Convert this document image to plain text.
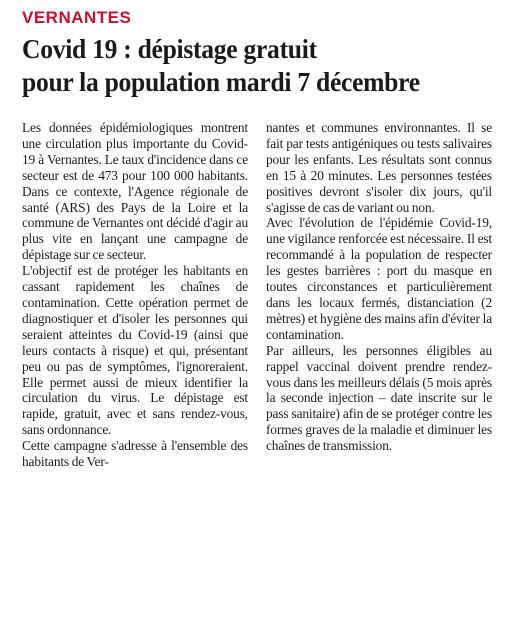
VERNANTES
Covid 19 : dépistage gratuit
pour la population mardi 7 décembre

Les données épidémiologiques montrent une circulation plus importante du Covid-19 à Vernantes. Le taux d'incidence dans ce secteur est de 473 pour 100 000 habitants. Dans ce contexte, l'Agence régionale de santé (ARS) des Pays de la Loire et la commune de Vernantes ont décidé d'agir au plus vite en lançant une campagne de dépistage sur ce secteur.

L'objectif est de protéger les habitants en cassant rapidement les chaînes de contamination. Cette opération permet de diagnostiquer et d'isoler les personnes qui seraient atteintes du Covid-19 (ainsi que leurs contacts à risque) et qui, présentant peu ou pas de symptômes, l'ignoreraient. Elle permet aussi de mieux identifier la circulation du virus. Le dépistage est rapide, gratuit, avec et sans rendez-vous, sans ordonnance.

Cette campagne s'adresse à l'ensemble des habitants de Ver-

nantes et communes environnantes. Il se fait par tests antigéniques ou tests salivaires pour les enfants. Les résultats sont connus en 15 à 20 minutes. Les personnes testées positives devront s'isoler dix jours, qu'il s'agisse de cas de variant ou non.

Avec l'évolution de l'épidémie Covid-19, une vigilance renforcée est nécessaire. Il est recommandé à la population de respecter les gestes barrières : port du masque en toutes circonstances et particulièrement dans les locaux fermés, distanciation (2 mètres) et hygiène des mains afin d'éviter la contamination.

Par ailleurs, les personnes éligibles au rappel vaccinal doivent prendre rendez-vous dans les meilleurs délais (5 mois après la seconde injection – date inscrite sur le pass sanitaire) afin de se protéger contre les formes graves de la maladie et diminuer les chaînes de transmission.
